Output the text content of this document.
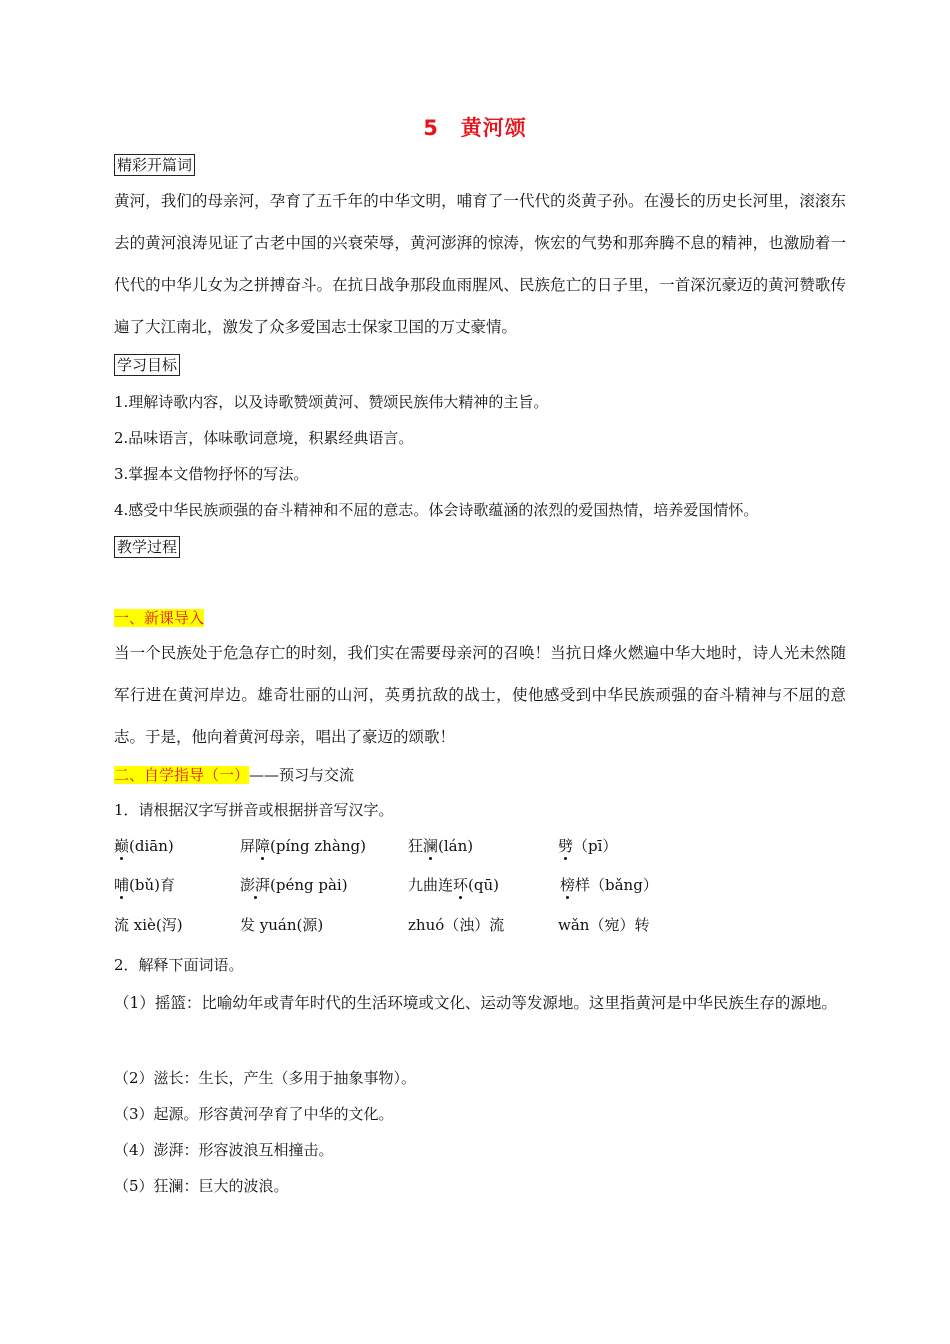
5　黄河颂
精彩开篇词
黄河，我们的母亲河，孕育了五千年的中华文明，哺育了一代代的炎黄子孙。在漫长的历史长河里，滚滚东去的黄河浪涛见证了古老中国的兴衰荣辱，黄河澎湃的惊涛，恢宏的气势和那奔腾不息的精神，也激励着一代代的中华儿女为之拼搏奋斗。在抗日战争那段血雨腥风、民族危亡的日子里，一首深沉豪迈的黄河赞歌传遍了大江南北，激发了众多爱国志士保家卫国的万丈豪情。
学习目标
1.理解诗歌内容，以及诗歌赞颂黄河、赞颂民族伟大精神的主旨。
2.品味语言，体味歌词意境，积累经典语言。
3.掌握本文借物抒怀的写法。
4.感受中华民族顽强的奋斗精神和不屈的意志。体会诗歌蕴涵的浓烈的爱国热情，培养爱国情怀。
教学过程
一、新课导入
当一个民族处于危急存亡的时刻，我们实在需要母亲河的召唤！当抗日烽火燃遍中华大地时，诗人光未然随军行进在黄河岸边。雄奇壮丽的山河，英勇抗敌的战士，使他感受到中华民族顽强的奋斗精神与不屈的意志。于是，他向着黄河母亲，唱出了豪迈的颂歌！
二、自学指导（一）——预习与交流
1．请根据汉字写拼音或根据拼音写汉字。
巅(diān)	屏障(píng zhàng)	狂澜(lán)	劈（pī）
哺(bǔ)育	澎湃(péng pài)	九曲连环(qū)	榜样（bǎng）
流 xiè(泻)	发 yuán(源)	zhuó（浊）流	wǎn（宛）转
2．解释下面词语。
（1）摇篮：比喻幼年或青年时代的生活环境或文化、运动等发源地。这里指黄河是中华民族生存的源地。
（2）滋长：生长，产生（多用于抽象事物）。
（3）起源。形容黄河孕育了中华的文化。
（4）澎湃：形容波浪互相撞击。
（5）狂澜：巨大的波浪。
